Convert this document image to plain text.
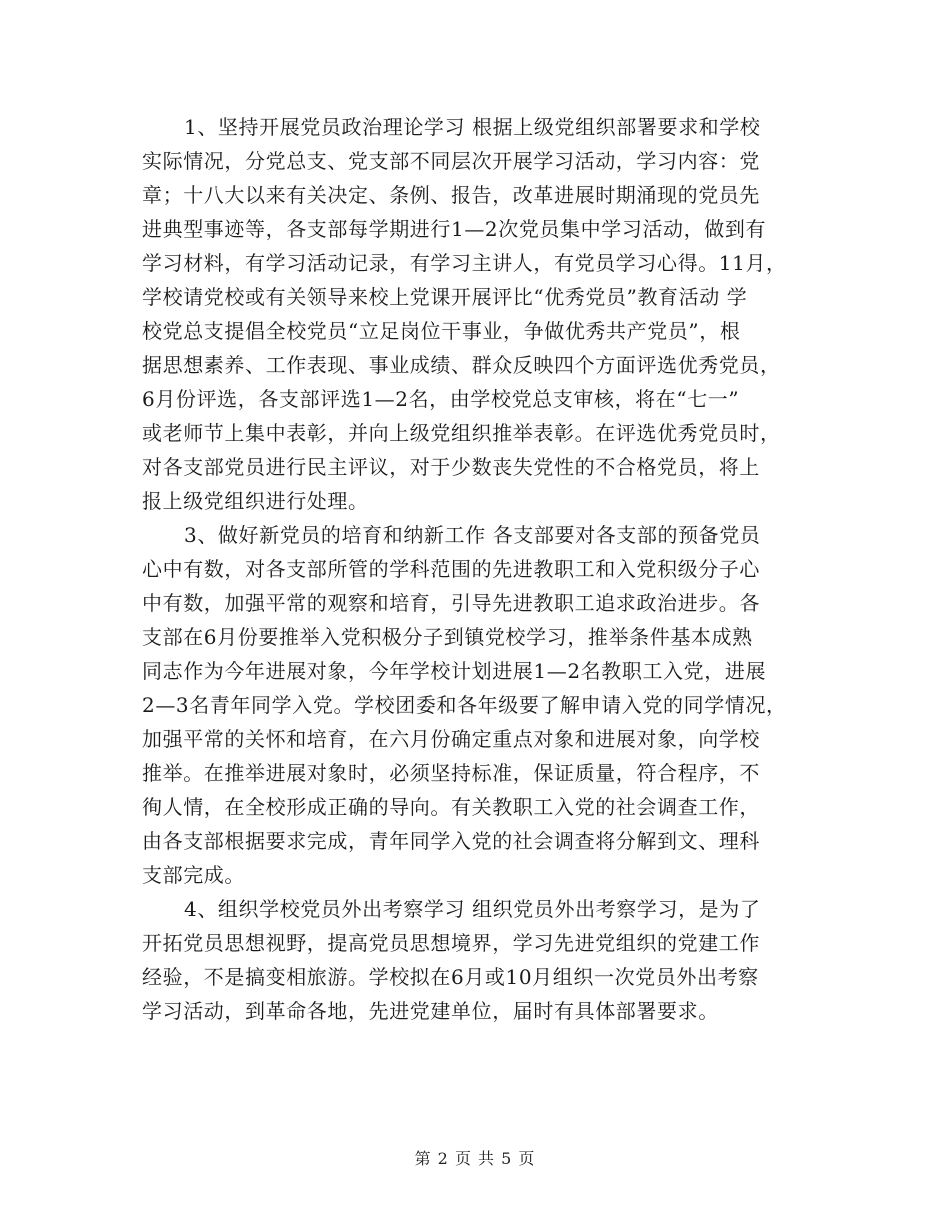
1、坚持开展党员政治理论学习 根据上级党组织部署要求和学校
实际情况，分党总支、党支部不同层次开展学习活动，学习内容：党
章；十八大以来有关决定、条例、报告，改革进展时期涌现的党员先
进典型事迹等，各支部每学期进行1—2次党员集中学习活动，做到有
学习材料，有学习活动记录，有学习主讲人，有党员学习心得。11月，
学校请党校或有关领导来校上党课开展评比“优秀党员”教育活动 学
校党总支提倡全校党员“立足岗位干事业，争做优秀共产党员”，根
据思想素养、工作表现、事业成绩、群众反映四个方面评选优秀党员，
6月份评选，各支部评选1—2名，由学校党总支审核，将在“七一”
或老师节上集中表彰，并向上级党组织推举表彰。在评选优秀党员时，
对各支部党员进行民主评议，对于少数丧失党性的不合格党员，将上
报上级党组织进行处理。
3、做好新党员的培育和纳新工作 各支部要对各支部的预备党员
心中有数，对各支部所管的学科范围的先进教职工和入党积级分子心
中有数，加强平常的观察和培育，引导先进教职工追求政治进步。各
支部在6月份要推举入党积极分子到镇党校学习，推举条件基本成熟
同志作为今年进展对象，今年学校计划进展1—2名教职工入党，进展
2—3名青年同学入党。学校团委和各年级要了解申请入党的同学情况，
加强平常的关怀和培育，在六月份确定重点对象和进展对象，向学校
推举。在推举进展对象时，必须坚持标准，保证质量，符合程序，不
徇人情，在全校形成正确的导向。有关教职工入党的社会调查工作，
由各支部根据要求完成，青年同学入党的社会调查将分解到文、理科
支部完成。
4、组织学校党员外出考察学习 组织党员外出考察学习，是为了
开拓党员思想视野，提高党员思想境界，学习先进党组织的党建工作
经验，不是搞变相旅游。学校拟在6月或10月组织一次党员外出考察
学习活动，到革命各地，先进党建单位，届时有具体部署要求。
第 2 页 共 5 页
